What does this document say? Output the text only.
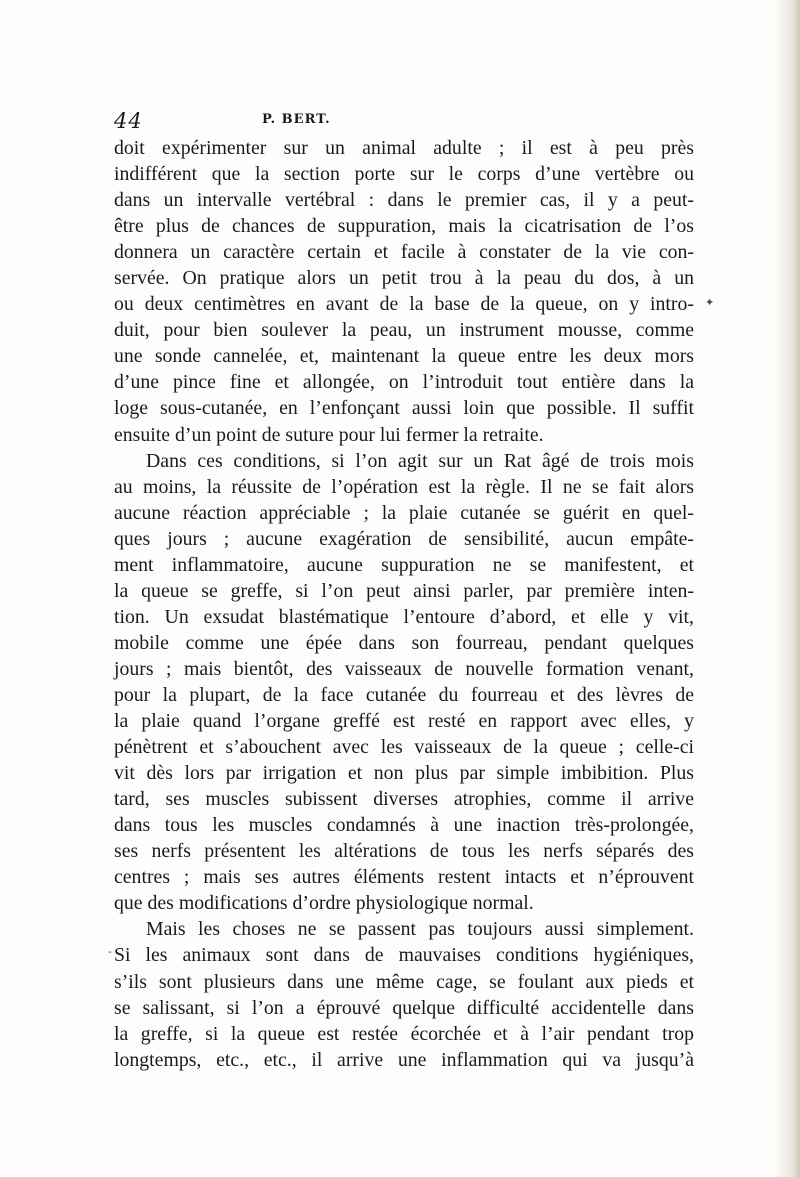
44	P. BERT.
✦
-
doit expérimenter sur un animal adulte ; il est à peu près
indifférent que la section porte sur le corps d’une vertèbre ou
dans un intervalle vertébral : dans le premier cas, il y a peut-
être plus de chances de suppuration, mais la cicatrisation de l’os
donnera un caractère certain et facile à constater de la vie con-
servée. On pratique alors un petit trou à la peau du dos, à un
ou deux centimètres en avant de la base de la queue, on y intro-
duit, pour bien soulever la peau, un instrument mousse, comme
une sonde cannelée, et, maintenant la queue entre les deux mors
d’une pince fine et allongée, on l’introduit tout entière dans la
loge sous-cutanée, en l’enfonçant aussi loin que possible. Il suffit
ensuite d’un point de suture pour lui fermer la retraite.
Dans ces conditions, si l’on agit sur un Rat âgé de trois mois
au moins, la réussite de l’opération est la règle. Il ne se fait alors
aucune réaction appréciable ; la plaie cutanée se guérit en quel-
ques jours ; aucune exagération de sensibilité, aucun empâte-
ment inflammatoire, aucune suppuration ne se manifestent, et
la queue se greffe, si l’on peut ainsi parler, par première inten-
tion. Un exsudat blastématique l’entoure d’abord, et elle y vit,
mobile comme une épée dans son fourreau, pendant quelques
jours ; mais bientôt, des vaisseaux de nouvelle formation venant,
pour la plupart, de la face cutanée du fourreau et des lèvres de
la plaie quand l’organe greffé est resté en rapport avec elles, y
pénètrent et s’abouchent avec les vaisseaux de la queue ; celle-ci
vit dès lors par irrigation et non plus par simple imbibition. Plus
tard, ses muscles subissent diverses atrophies, comme il arrive
dans tous les muscles condamnés à une inaction très-prolongée,
ses nerfs présentent les altérations de tous les nerfs séparés des
centres ; mais ses autres éléments restent intacts et n’éprouvent
que des modifications d’ordre physiologique normal.
Mais les choses ne se passent pas toujours aussi simplement.
Si les animaux sont dans de mauvaises conditions hygiéniques,
s’ils sont plusieurs dans une même cage, se foulant aux pieds et
se salissant, si l’on a éprouvé quelque difficulté accidentelle dans
la greffe, si la queue est restée écorchée et à l’air pendant trop
longtemps, etc., etc., il arrive une inflammation qui va jusqu’à
